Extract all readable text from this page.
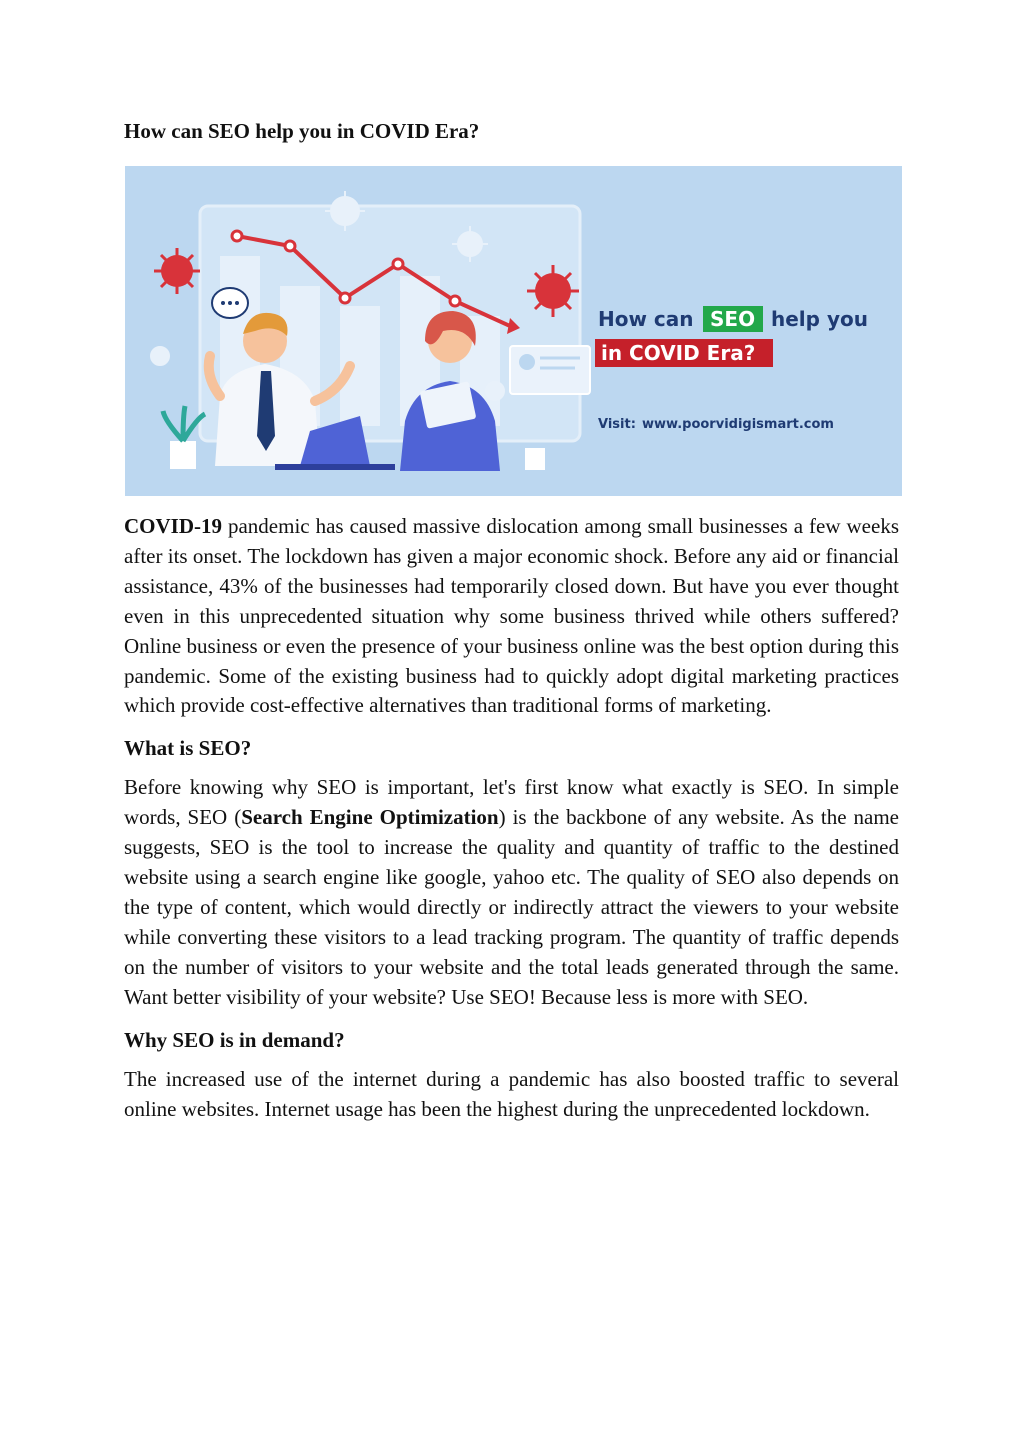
How can SEO help you in COVID Era?
How can SEO help you
in COVID Era?
Visit: www.poorvidigismart.com

COVID-19 pandemic has caused massive dislocation among small businesses a few weeks after its onset. The lockdown has given a major economic shock. Before any aid or financial assistance, 43% of the businesses had temporarily closed down. But have you ever thought even in this unprecedented situation why some business thrived while others suffered? Online business or even the presence of your business online was the best option during this pandemic. Some of the existing business had to quickly adopt digital marketing practices which provide cost-effective alternatives than traditional forms of marketing.

What is SEO?

Before knowing why SEO is important, let's first know what exactly is SEO. In simple words, SEO (Search Engine Optimization) is the backbone of any website. As the name suggests, SEO is the tool to increase the quality and quantity of traffic to the destined website using a search engine like google, yahoo etc. The quality of SEO also depends on the type of content, which would directly or indirectly attract the viewers to your website while converting these visitors to a lead tracking program. The quantity of traffic depends on the number of visitors to your website and the total leads generated through the same. Want better visibility of your website? Use SEO! Because less is more with SEO.

Why SEO is in demand?

The increased use of the internet during a pandemic has also boosted traffic to several online websites. Internet usage has been the highest during the unprecedented lockdown.
